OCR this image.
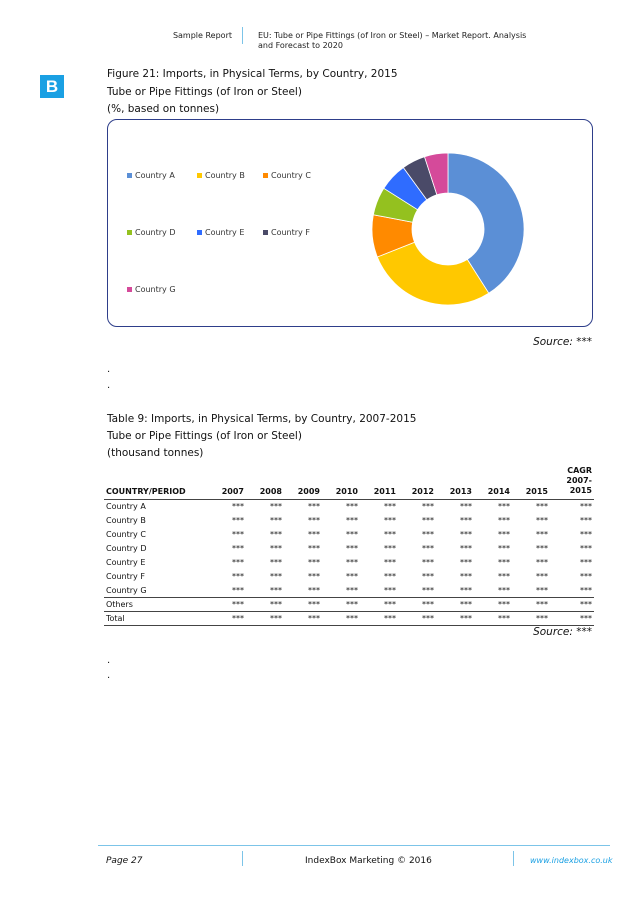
Sample Report	EU: Tube or Pipe Fittings (of Iron or Steel) – Market Report. Analysis
and Forecast to 2020
B
Figure 21: Imports, in Physical Terms, by Country, 2015
Tube or Pipe Fittings (of Iron or Steel)
(%, based on tonnes)
Country A	Country B	Country C
Country D	Country E	Country F
Country G
Source: ***
.
.
Table 9: Imports, in Physical Terms, by Country, 2007-2015
Tube or Pipe Fittings (of Iron or Steel)
(thousand tonnes)
COUNTRY/PERIOD	2007	2008	2009	2010	2011	2012	2013	2014	2015	CAGR
2007-
2015

Country A	***	***	***	***	***	***	***	***	***	***
Country B	***	***	***	***	***	***	***	***	***	***
Country C	***	***	***	***	***	***	***	***	***	***
Country D	***	***	***	***	***	***	***	***	***	***
Country E	***	***	***	***	***	***	***	***	***	***
Country F	***	***	***	***	***	***	***	***	***	***
Country G	***	***	***	***	***	***	***	***	***	***
Others	***	***	***	***	***	***	***	***	***	***
Total	***	***	***	***	***	***	***	***	***	***
Source: ***
.
.
Page 27	IndexBox Marketing © 2016	www.indexbox.co.uk
